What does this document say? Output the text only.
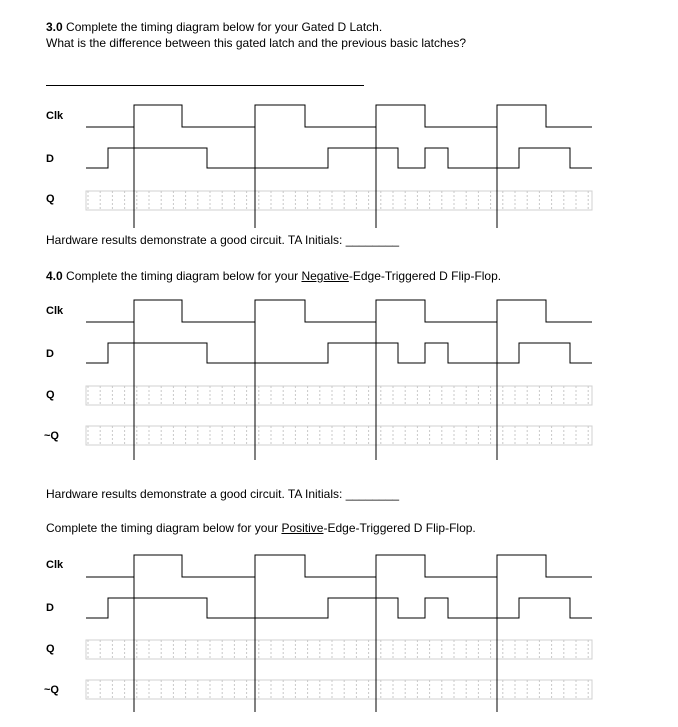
3.0 Complete the timing diagram below for your Gated D Latch.
What is the difference between this gated latch and the previous basic latches?
Clk
D
Q
Hardware results demonstrate a good circuit. TA Initials: ________
4.0 Complete the timing diagram below for your Negative-Edge-Triggered D Flip-Flop.
Clk
D
Q
~Q
Hardware results demonstrate a good circuit. TA Initials: ________
Complete the timing diagram below for your Positive-Edge-Triggered D Flip-Flop.
Clk
D
Q
~Q
